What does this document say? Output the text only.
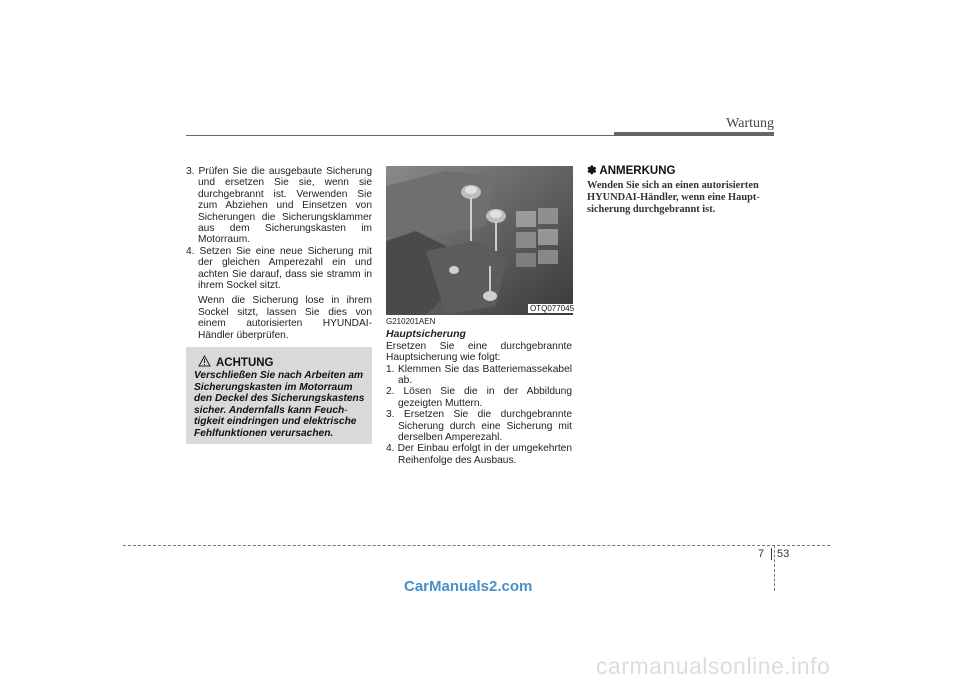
Wartung

3. Prüfen Sie die ausgebaute Sicherung und ersetzen Sie sie, wenn sie durchgebrannt ist. Verwenden Sie zum Abziehen und Einsetzen von Sicherungen die Sicherungsklammer aus dem Sicherungskasten im Motorraum.

4. Setzen Sie eine neue Sicherung mit der gleichen Amperezahl ein und achten Sie darauf, dass sie stramm in ihrem Sockel sitzt.

Wenn die Sicherung lose in ihrem Sockel sitzt, lassen Sie dies von einem autorisierten HYUNDAI-Händler überprüfen.

ACHTUNG
Verschließen Sie nach Arbeiten am Sicherungskasten im Motorraum den Deckel des Sicherungskastens sicher. Andernfalls kann Feuch-tigkeit eindringen und elektrische Fehlfunktionen verursachen.
OTQ077045
G210201AEN
Hauptsicherung

Ersetzen Sie eine durchgebrannte Hauptsicherung wie folgt:

1. Klemmen Sie das Batteriemassekabel ab.

2. Lösen Sie die in der Abbildung gezeigten Muttern.

3. Ersetzen Sie die durchgebrannte Sicherung durch eine Sicherung mit derselben Amperezahl.

4. Der Einbau erfolgt in der umgekehrten Reihenfolge des Ausbaus.

✽ ANMERKUNG
Wenden Sie sich an einen autorisierten HYUNDAI-Händler, wenn eine Haupt-
sicherung durchgebrannt ist.
7 53
CarManuals2.com
carmanualsonline.info
